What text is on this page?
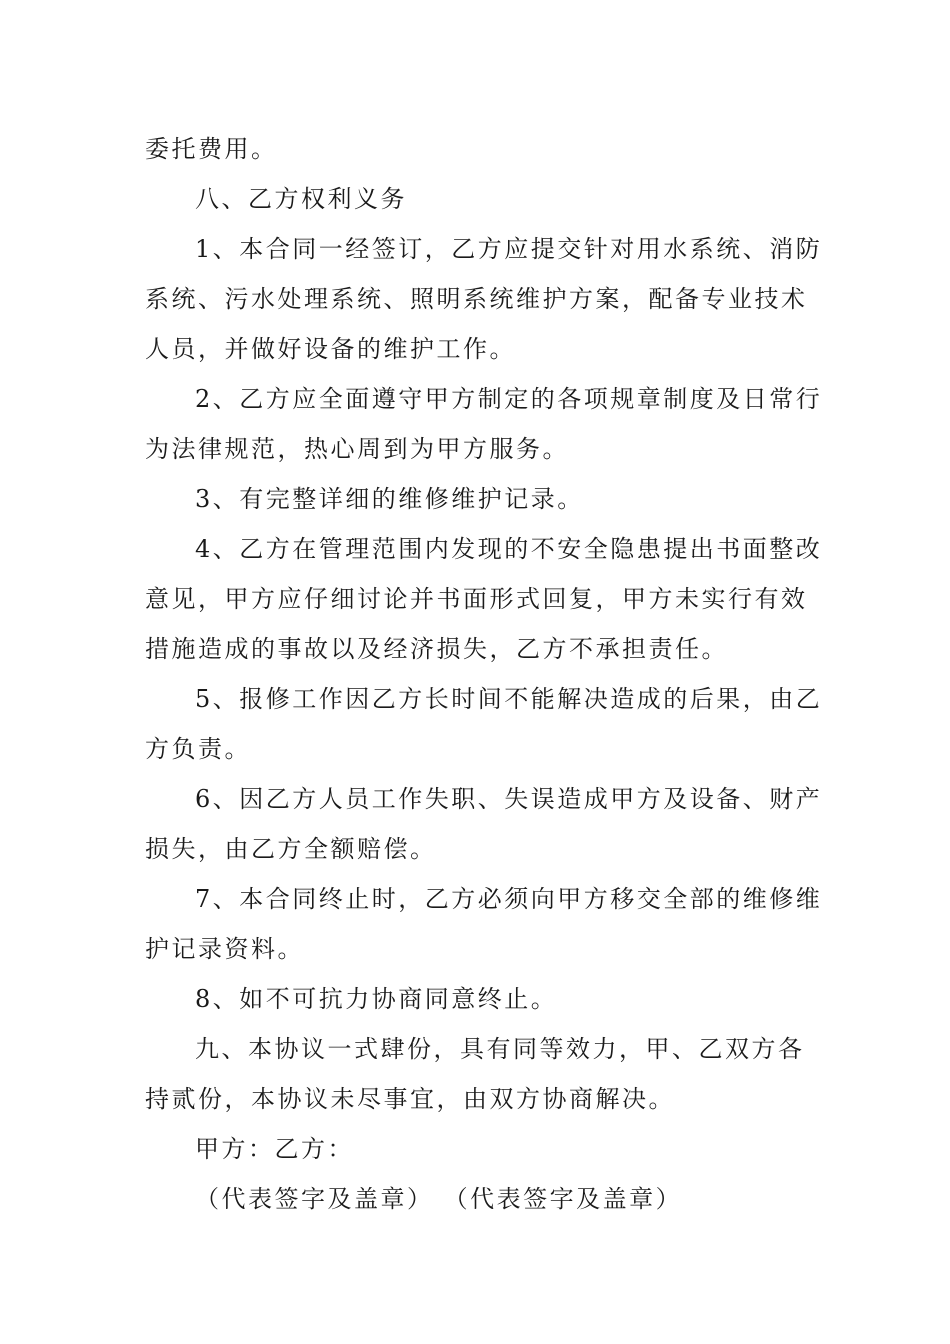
委托费用。

八、乙方权利义务

1、本合同一经签订，乙方应提交针对用水系统、消防

系统、污水处理系统、照明系统维护方案，配备专业技术

人员，并做好设备的维护工作。

2、乙方应全面遵守甲方制定的各项规章制度及日常行

为法律规范，热心周到为甲方服务。

3、有完整详细的维修维护记录。

4、乙方在管理范围内发现的不安全隐患提出书面整改

意见，甲方应仔细讨论并书面形式回复，甲方未实行有效

措施造成的事故以及经济损失，乙方不承担责任。

5、报修工作因乙方长时间不能解决造成的后果，由乙

方负责。

6、因乙方人员工作失职、失误造成甲方及设备、财产

损失，由乙方全额赔偿。

7、本合同终止时，乙方必须向甲方移交全部的维修维

护记录资料。

8、如不可抗力协商同意终止。

九、本协议一式肆份，具有同等效力，甲、乙双方各

持贰份，本协议未尽事宜，由双方协商解决。

甲方：乙方：

（代表签字及盖章） （代表签字及盖章）
